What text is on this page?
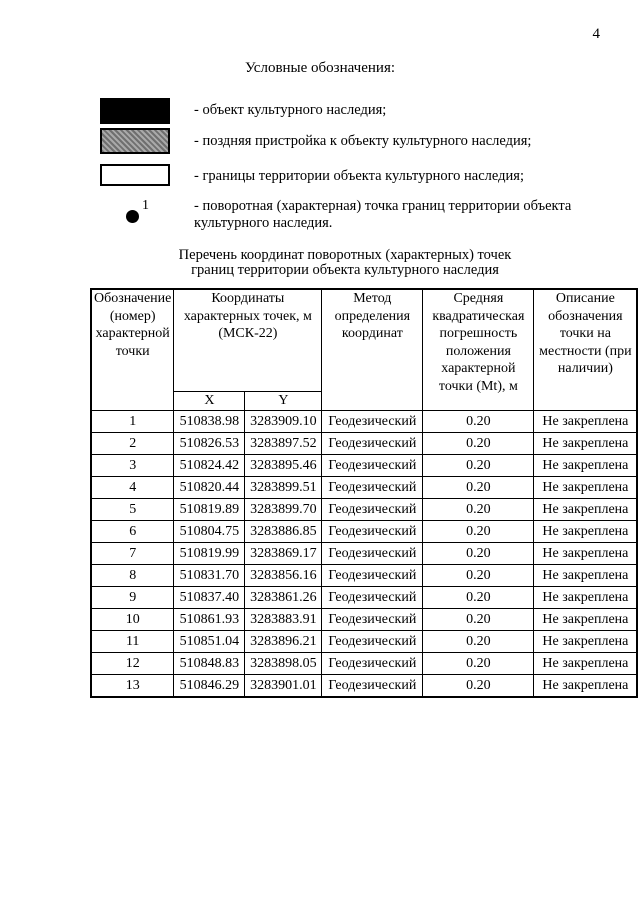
4
Условные обозначения:
- объект культурного наследия;
- поздняя пристройка к объекту культурного наследия;
- границы территории объекта культурного наследия;
1	- поворотная (характерная) точка границ территории объекта культурного наследия.
Перечень координат поворотных (характерных) точек
границ территории объекта культурного наследия
Обозначение (номер) характерной точки	Координаты характерных точек, м (МСК-22)		Метод определения координат	Средняя квадратическая погрешность положения характерной точки (Mt), м	Описание обозначения точки на местности (при наличии)
	X	Y			
1	510838.98	3283909.10	Геодезический	0.20	Не закреплена
2	510826.53	3283897.52	Геодезический	0.20	Не закреплена
3	510824.42	3283895.46	Геодезический	0.20	Не закреплена
4	510820.44	3283899.51	Геодезический	0.20	Не закреплена
5	510819.89	3283899.70	Геодезический	0.20	Не закреплена
6	510804.75	3283886.85	Геодезический	0.20	Не закреплена
7	510819.99	3283869.17	Геодезический	0.20	Не закреплена
8	510831.70	3283856.16	Геодезический	0.20	Не закреплена
9	510837.40	3283861.26	Геодезический	0.20	Не закреплена
10	510861.93	3283883.91	Геодезический	0.20	Не закреплена
11	510851.04	3283896.21	Геодезический	0.20	Не закреплена
12	510848.83	3283898.05	Геодезический	0.20	Не закреплена
13	510846.29	3283901.01	Геодезический	0.20	Не закреплена
